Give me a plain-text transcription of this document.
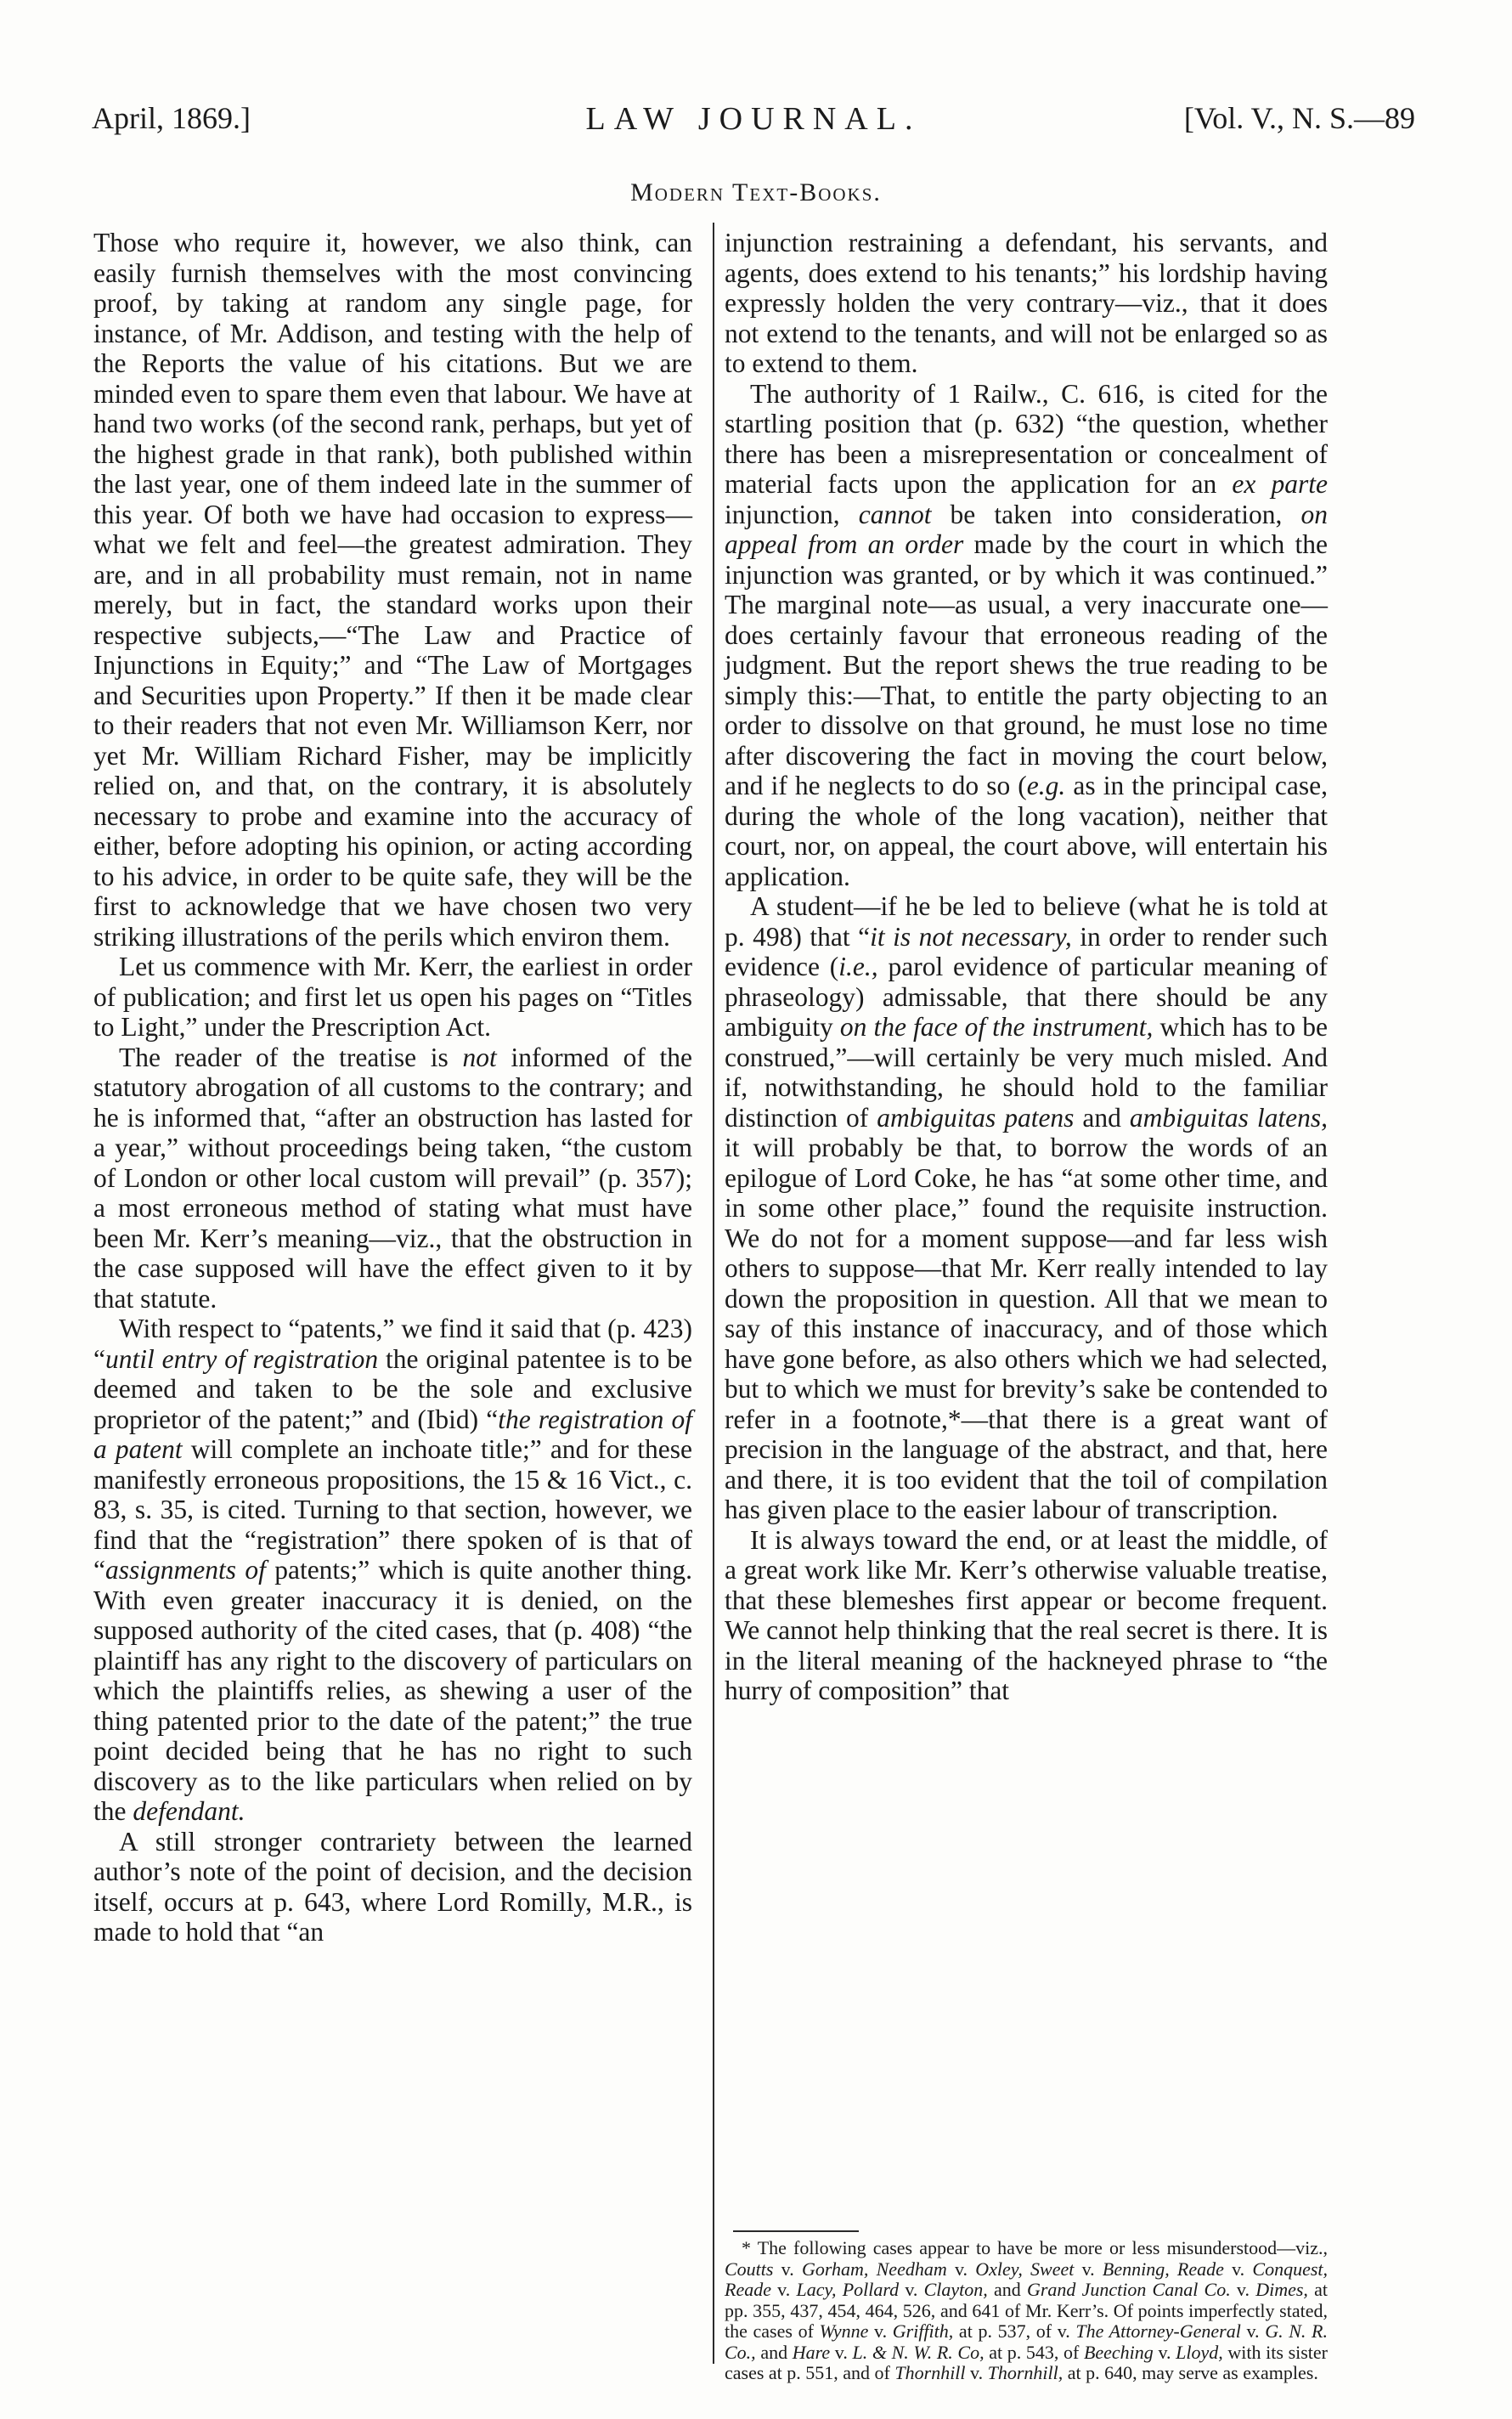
April, 1869.]	LAW JOURNAL.	[Vol. V., N. S.—89
Modern Text-Books.

Those who require it, however, we also think, can easily furnish themselves with the most convincing proof, by taking at random any single page, for instance, of Mr. Addison, and testing with the help of the Reports the value of his citations. But we are minded even to spare them even that labour. We have at hand two works (of the second rank, perhaps, but yet of the highest grade in that rank), both published within the last year, one of them indeed late in the summer of this year. Of both we have had occasion to express—what we felt and feel—the greatest admiration. They are, and in all probability must remain, not in name merely, but in fact, the standard works upon their respective subjects,—“The Law and Practice of Injunctions in Equity;” and “The Law of Mortgages and Securities upon Property.” If then it be made clear to their readers that not even Mr. Williamson Kerr, nor yet Mr. William Richard Fisher, may be implicitly relied on, and that, on the contrary, it is absolutely necessary to probe and examine into the accuracy of either, before adopting his opinion, or acting according to his advice, in order to be quite safe, they will be the first to acknowledge that we have chosen two very striking illustrations of the perils which environ them.

Let us commence with Mr. Kerr, the earliest in order of publication; and first let us open his pages on “Titles to Light,” under the Prescription Act.

The reader of the treatise is not informed of the statutory abrogation of all customs to the contrary; and he is informed that, “after an obstruction has lasted for a year,” without proceedings being taken, “the custom of London or other local custom will prevail” (p. 357); a most erroneous method of stating what must have been Mr. Kerr’s meaning—viz., that the obstruction in the case supposed will have the effect given to it by that statute.

With respect to “patents,” we find it said that (p. 423) “until entry of registration the original patentee is to be deemed and taken to be the sole and exclusive proprietor of the patent;” and (Ibid) “the registration of a patent will complete an inchoate title;” and for these manifestly erroneous propositions, the 15 & 16 Vict., c. 83, s. 35, is cited. Turning to that section, however, we find that the “registration” there spoken of is that of “assignments of patents;” which is quite another thing. With even greater inaccuracy it is denied, on the supposed authority of the cited cases, that (p. 408) “the plaintiff has any right to the discovery of particulars on which the plaintiffs relies, as shewing a user of the thing patented prior to the date of the patent;” the true point decided being that he has no right to such discovery as to the like particulars when relied on by the defendant.

A still stronger contrariety between the learned author’s note of the point of decision, and the decision itself, occurs at p. 643, where Lord Romilly, M.R., is made to hold that “an

injunction restraining a defendant, his servants, and agents, does extend to his tenants;” his lordship having expressly holden the very contrary—viz., that it does not extend to the tenants, and will not be enlarged so as to extend to them.

The authority of 1 Railw., C. 616, is cited for the startling position that (p. 632) “the question, whether there has been a misrepresentation or concealment of material facts upon the application for an ex parte injunction, cannot be taken into consideration, on appeal from an order made by the court in which the injunction was granted, or by which it was continued.” The marginal note—as usual, a very inaccurate one—does certainly favour that erroneous reading of the judgment. But the report shews the true reading to be simply this:—That, to entitle the party objecting to an order to dissolve on that ground, he must lose no time after discovering the fact in moving the court below, and if he neglects to do so (e.g. as in the principal case, during the whole of the long vacation), neither that court, nor, on appeal, the court above, will entertain his application.

A student—if he be led to believe (what he is told at p. 498) that “it is not necessary, in order to render such evidence (i.e., parol evidence of particular meaning of phraseology) admissable, that there should be any ambiguity on the face of the instrument, which has to be construed,”—will certainly be very much misled. And if, notwithstanding, he should hold to the familiar distinction of ambiguitas patens and ambiguitas latens, it will probably be that, to borrow the words of an epilogue of Lord Coke, he has “at some other time, and in some other place,” found the requisite instruction. We do not for a moment suppose—and far less wish others to suppose—that Mr. Kerr really intended to lay down the proposition in question. All that we mean to say of this instance of inaccuracy, and of those which have gone before, as also others which we had selected, but to which we must for brevity’s sake be contended to refer in a footnote,*—that there is a great want of precision in the language of the abstract, and that, here and there, it is too evident that the toil of compilation has given place to the easier labour of transcription.

It is always toward the end, or at least the middle, of a great work like Mr. Kerr’s otherwise valuable treatise, that these blemeshes first appear or become frequent. We cannot help thinking that the real secret is there. It is in the literal meaning of the hackneyed phrase to “the hurry of composition” that

* The following cases appear to have be more or less misunderstood—viz., Coutts v. Gorham, Needham v. Oxley, Sweet v. Benning, Reade v. Conquest, Reade v. Lacy, Pollard v. Clayton, and Grand Junction Canal Co. v. Dimes, at pp. 355, 437, 454, 464, 526, and 641 of Mr. Kerr’s. Of points imperfectly stated, the cases of Wynne v. Griffith, at p. 537, of v. The Attorney-General v. G. N. R. Co., and Hare v. L. & N. W. R. Co, at p. 543, of Beeching v. Lloyd, with its sister cases at p. 551, and of Thornhill v. Thornhill, at p. 640, may serve as examples.
